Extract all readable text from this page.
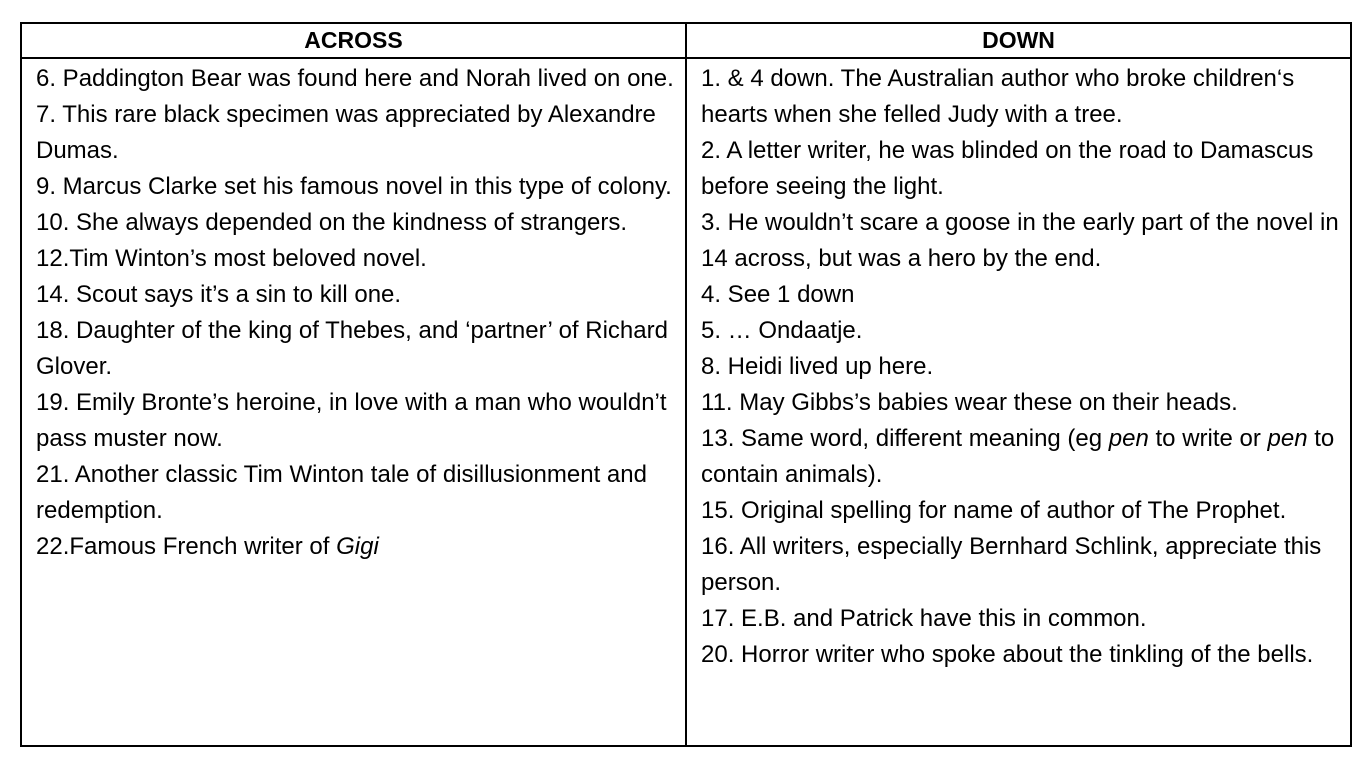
ACROSS	DOWN

6. Paddington Bear was found here and Norah lived on one.

7. This rare black specimen was appreciated by Alexandre Dumas.

9. Marcus Clarke set his famous novel in this type of colony.

10. She always depended on the kindness of strangers.

12.Tim Winton’s most beloved novel.

14. Scout says it’s a sin to kill one.

18. Daughter of the king of Thebes, and ‘partner’ of Richard Glover.

19. Emily Bronte’s heroine, in love with a man who wouldn’t pass muster now.

21. Another classic Tim Winton tale of disillusionment and redemption.

22.Famous French writer of Gigi

1. & 4 down. The Australian author who broke children‘s hearts when she felled Judy with a tree.

2. A letter writer, he was blinded on the road to Damascus before seeing the light.

3. He wouldn’t scare a goose in the early part of the novel in 14 across, but was a hero by the end.

4. See 1 down

5. … Ondaatje.

8. Heidi lived up here.

11. May Gibbs’s babies wear these on their heads.

13. Same word, different meaning (eg pen to write or pen to contain animals).

15. Original spelling for name of author of The Prophet.

16. All writers, especially Bernhard Schlink, appreciate this person.

17. E.B. and Patrick have this in common.

20. Horror writer who spoke about the tinkling of the bells.
